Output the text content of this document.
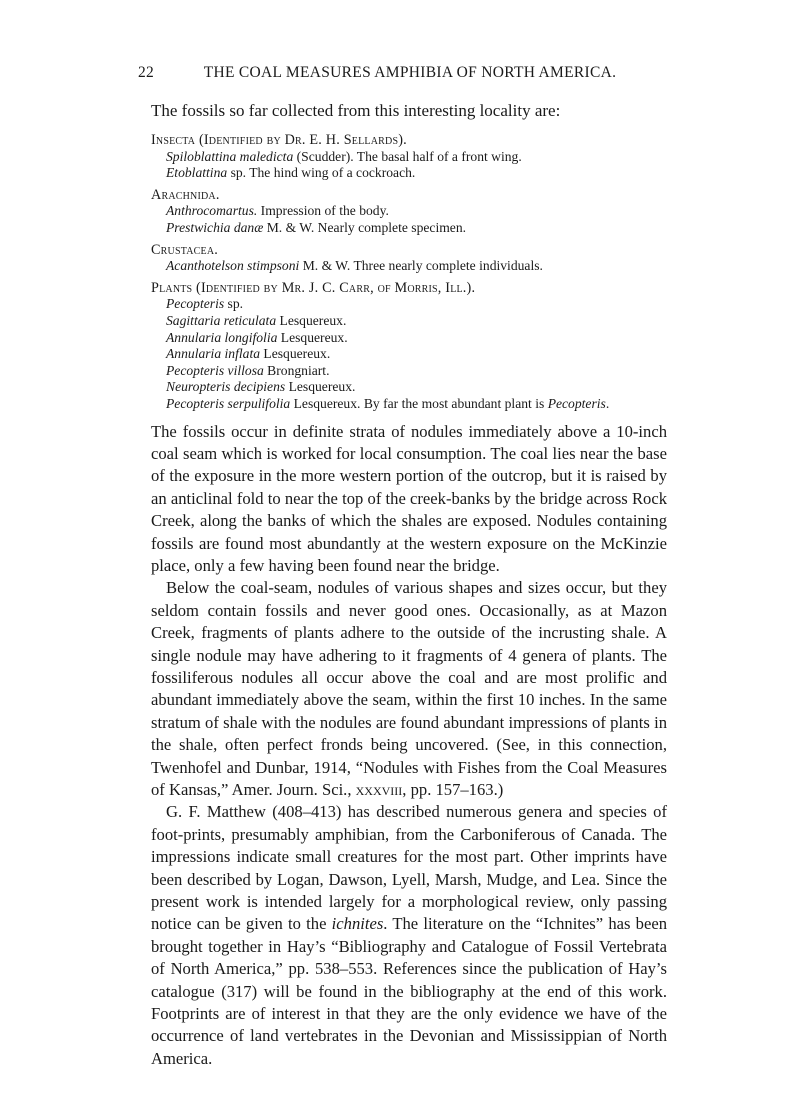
22	THE COAL MEASURES AMPHIBIA OF NORTH AMERICA.

The fossils so far collected from this interesting locality are:

Insecta (Identified by Dr. E. H. Sellards).
Spiloblattina maledicta (Scudder). The basal half of a front wing.
Etoblattina sp. The hind wing of a cockroach.
Arachnida.
Anthrocomartus. Impression of the body.
Prestwichia danæ M. & W. Nearly complete specimen.
Crustacea.
Acanthotelson stimpsoni M. & W. Three nearly complete individuals.
Plants (Identified by Mr. J. C. Carr, of Morris, Ill.).
Pecopteris sp.
Sagittaria reticulata Lesquereux.
Annularia longifolia Lesquereux.
Annularia inflata Lesquereux.
Pecopteris villosa Brongniart.
Neuropteris decipiens Lesquereux.
Pecopteris serpulifolia Lesquereux. By far the most abundant plant is Pecopteris.

The fossils occur in definite strata of nodules immediately above a 10-inch coal seam which is worked for local consumption. The coal lies near the base of the exposure in the more western portion of the outcrop, but it is raised by an anticlinal fold to near the top of the creek-banks by the bridge across Rock Creek, along the banks of which the shales are exposed. Nodules containing fossils are found most abundantly at the western exposure on the McKinzie place, only a few having been found near the bridge.

Below the coal-seam, nodules of various shapes and sizes occur, but they seldom contain fossils and never good ones. Occasionally, as at Mazon Creek, fragments of plants adhere to the outside of the incrusting shale. A single nodule may have adhering to it fragments of 4 genera of plants. The fossiliferous nodules all occur above the coal and are most prolific and abundant immediately above the seam, within the first 10 inches. In the same stratum of shale with the nodules are found abundant impressions of plants in the shale, often perfect fronds being uncovered. (See, in this connection, Twenhofel and Dunbar, 1914, “Nodules with Fishes from the Coal Measures of Kansas,” Amer. Journ. Sci., xxxviii, pp. 157–163.)

G. F. Matthew (408–413) has described numerous genera and species of foot-prints, presumably amphibian, from the Carboniferous of Canada. The impressions indicate small creatures for the most part. Other imprints have been described by Logan, Dawson, Lyell, Marsh, Mudge, and Lea. Since the present work is intended largely for a morphological review, only passing notice can be given to the ichnites. The literature on the “Ichnites” has been brought together in Hay’s “Bibliography and Catalogue of Fossil Vertebrata of North America,” pp. 538–553. References since the publication of Hay’s catalogue (317) will be found in the bibliography at the end of this work. Footprints are of interest in that they are the only evidence we have of the occurrence of land vertebrates in the Devonian and Mississippian of North America.
